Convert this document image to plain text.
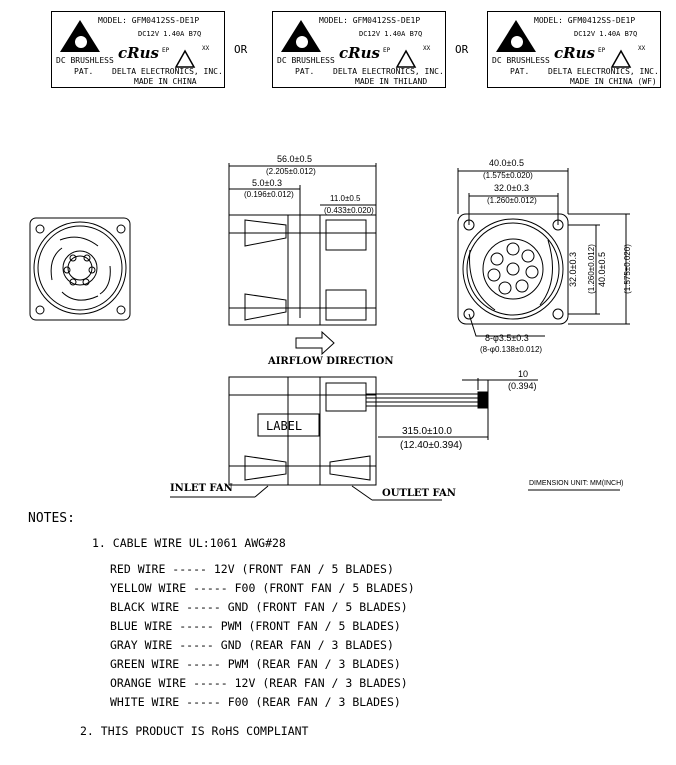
MODEL: GFM0412SS-DE1P
DC12V 1.40A B7Q
cRus EP	XX
DC BRUSHLESS
PAT. DELTA ELECTRONICS, INC.
MADE IN CHINA
OR
MODEL: GFM0412SS-DE1P
DC12V 1.40A B7Q
cRus EP	XX
DC BRUSHLESS
PAT. DELTA ELECTRONICS, INC.
MADE IN THILAND
OR
MODEL: GFM0412SS-DE1P
DC12V 1.40A B7Q
cRus EP	XX
DC BRUSHLESS
PAT. DELTA ELECTRONICS, INC.
MADE IN CHINA (WF)
56.0±0.5
(2.205±0.012)
5.0±0.3
(0.196±0.012)	11.0±0.5
(0.433±0.020)
40.0±0.5
(1.575±0.020)
32.0±0.3
(1.260±0.012)
32.0±0.3 (1.260±0.012) 40.0±0.5 (1.575±0.020)
8-φ3.5±0.3
(8-φ0.138±0.012)
AIRFLOW DIRECTION
10
(0.394)
315.0±10.0
(12.40±0.394)
LABEL
INLET FAN	OUTLET FAN
DIMENSION UNIT: MM(INCH)
NOTES:
1. CABLE WIRE UL:1061 AWG#28
RED WIRE ----- 12V (FRONT FAN / 5 BLADES)
YELLOW WIRE ----- F00 (FRONT FAN / 5 BLADES)
BLACK WIRE ----- GND (FRONT FAN / 5 BLADES)
BLUE WIRE ----- PWM (FRONT FAN / 5 BLADES)
GRAY WIRE ----- GND (REAR FAN / 3 BLADES)
GREEN WIRE ----- PWM (REAR FAN / 3 BLADES)
ORANGE WIRE ----- 12V (REAR FAN / 3 BLADES)
WHITE WIRE ----- F00 (REAR FAN / 3 BLADES)
2. THIS PRODUCT IS RoHS COMPLIANT
